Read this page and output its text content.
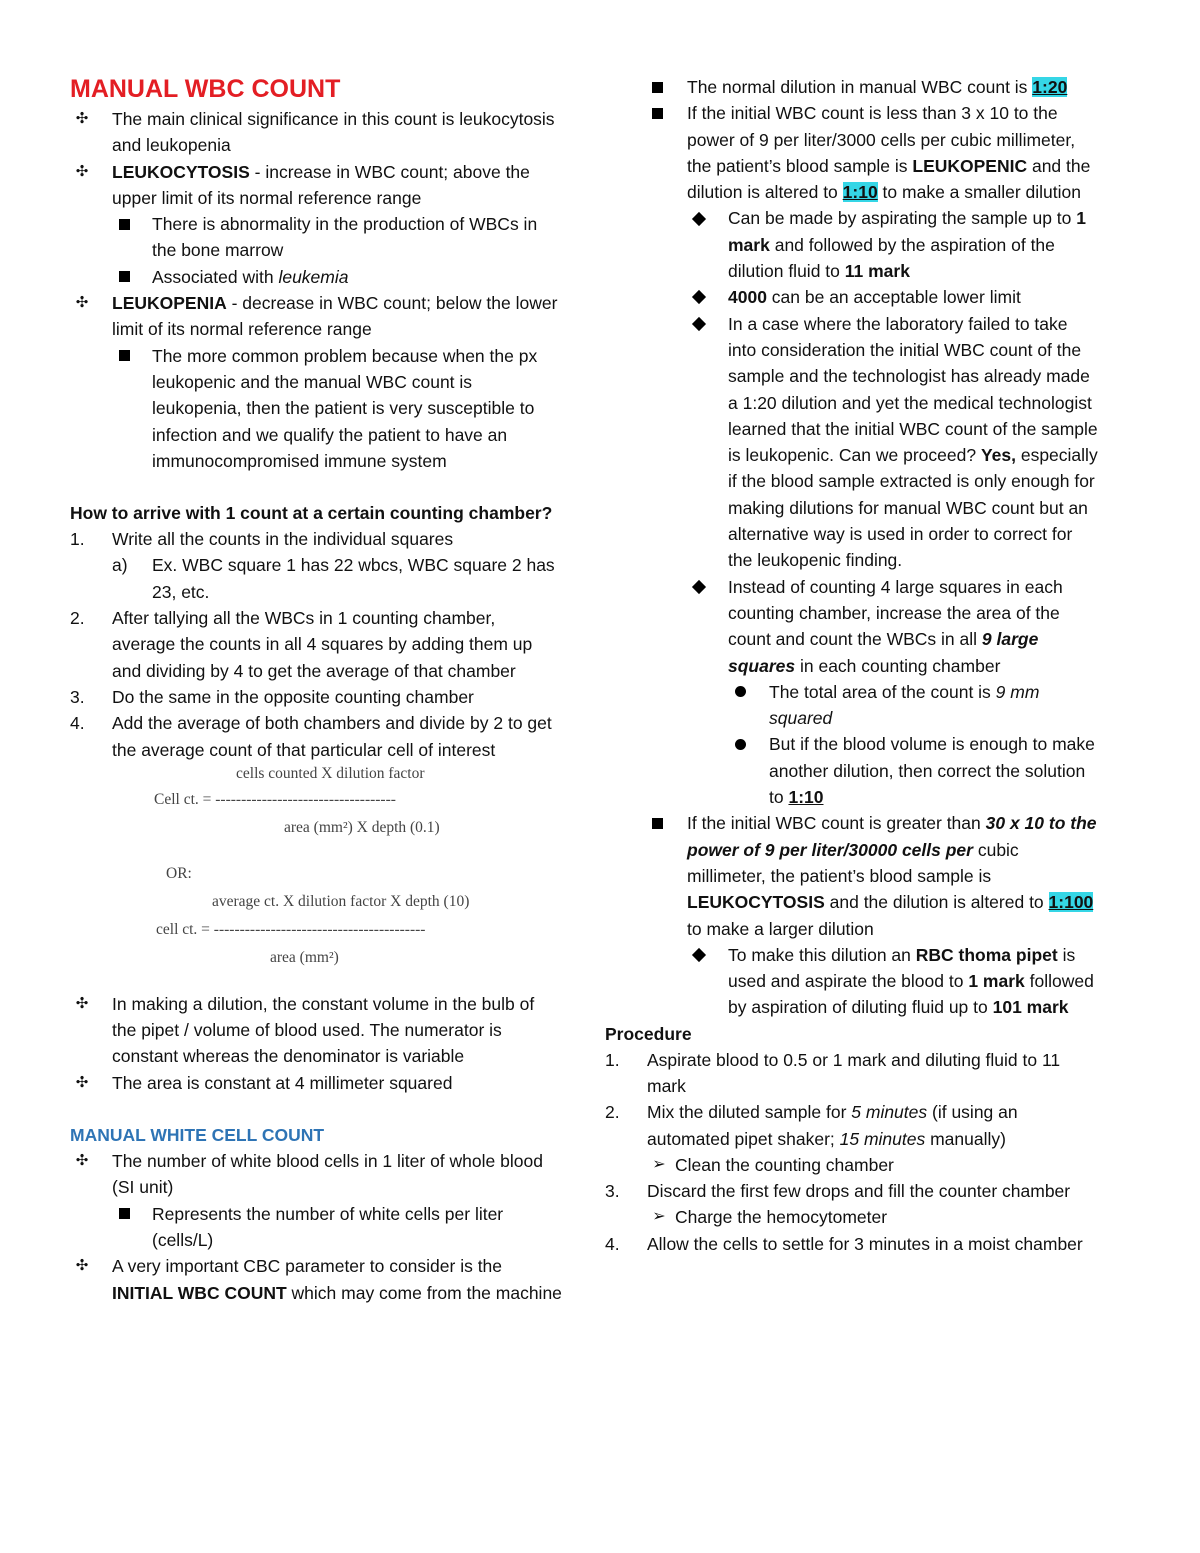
MANUAL WBC COUNT
✣	The main clinical significance in this count is leukocytosis and leukopenia
✣	LEUKOCYTOSIS - increase in WBC count; above the upper limit of its normal reference range
There is abnormality in the production of WBCs in the bone marrow
Associated with leukemia
✣	LEUKOPENIA - decrease in WBC count; below the lower limit of its normal reference range
The more common problem because when the px leukopenic and the manual WBC count is leukopenia, then the patient is very susceptible to infection and we qualify the patient to have an immunocompromised immune system
How to arrive with 1 count at a certain counting chamber?
1.	Write all the counts in the individual squares
a)	Ex. WBC square 1 has 22 wbcs, WBC square 2 has 23, etc.
2.	After tallying all the WBCs in 1 counting chamber, average the counts in all 4 squares by adding them up and dividing by 4 to get the average of that chamber
3.	Do the same in the opposite counting chamber
4.	Add the average of both chambers and divide by 2 to get the average count of that particular cell of interest
cells counted X dilution factor
Cell ct. = -----------------------------------
area (mm²) X depth (0.1)
OR:
average ct. X dilution factor X depth (10)
cell ct. = -----------------------------------------
area (mm²)
✣	In making a dilution, the constant volume in the bulb of the pipet / volume of blood used. The numerator is constant whereas the denominator is variable
✣	The area is constant at 4 millimeter squared
MANUAL WHITE CELL COUNT
✣	The number of white blood cells in 1 liter of whole blood (SI unit)
Represents the number of white cells per liter (cells/L)
✣	A very important CBC parameter to consider is the INITIAL WBC COUNT which may come from the machine
The normal dilution in manual WBC count is 1:20
If the initial WBC count is less than 3 x 10 to the power of 9 per liter/3000 cells per cubic millimeter, the patient’s blood sample is LEUKOPENIC and the dilution is altered to 1:10 to make a smaller dilution
Can be made by aspirating the sample up to 1 mark and followed by the aspiration of the dilution fluid to 11 mark
4000 can be an acceptable lower limit
In a case where the laboratory failed to take into consideration the initial WBC count of the sample and the technologist has already made a 1:20 dilution and yet the medical technologist learned that the initial WBC count of the sample is leukopenic. Can we proceed? Yes, especially if the blood sample extracted is only enough for making dilutions for manual WBC count but an alternative way is used in order to correct for the leukopenic finding.
Instead of counting 4 large squares in each counting chamber, increase the area of the count and count the WBCs in all 9 large squares in each counting chamber
The total area of the count is 9 mm squared
But if the blood volume is enough to make another dilution, then correct the solution to 1:10
If the initial WBC count is greater than 30 x 10 to the power of 9 per liter/30000 cells per cubic millimeter, the patient’s blood sample is LEUKOCYTOSIS and the dilution is altered to 1:100 to make a larger dilution
To make this dilution an RBC thoma pipet is used and aspirate the blood to 1 mark followed by aspiration of diluting fluid up to 101 mark
Procedure
1.	Aspirate blood to 0.5 or 1 mark and diluting fluid to 11 mark
2.	Mix the diluted sample for 5 minutes (if using an automated pipet shaker; 15 minutes manually)
➢ Clean the counting chamber
3.	Discard the first few drops and fill the counter chamber
➢ Charge the hemocytometer
4.	Allow the cells to settle for 3 minutes in a moist chamber
